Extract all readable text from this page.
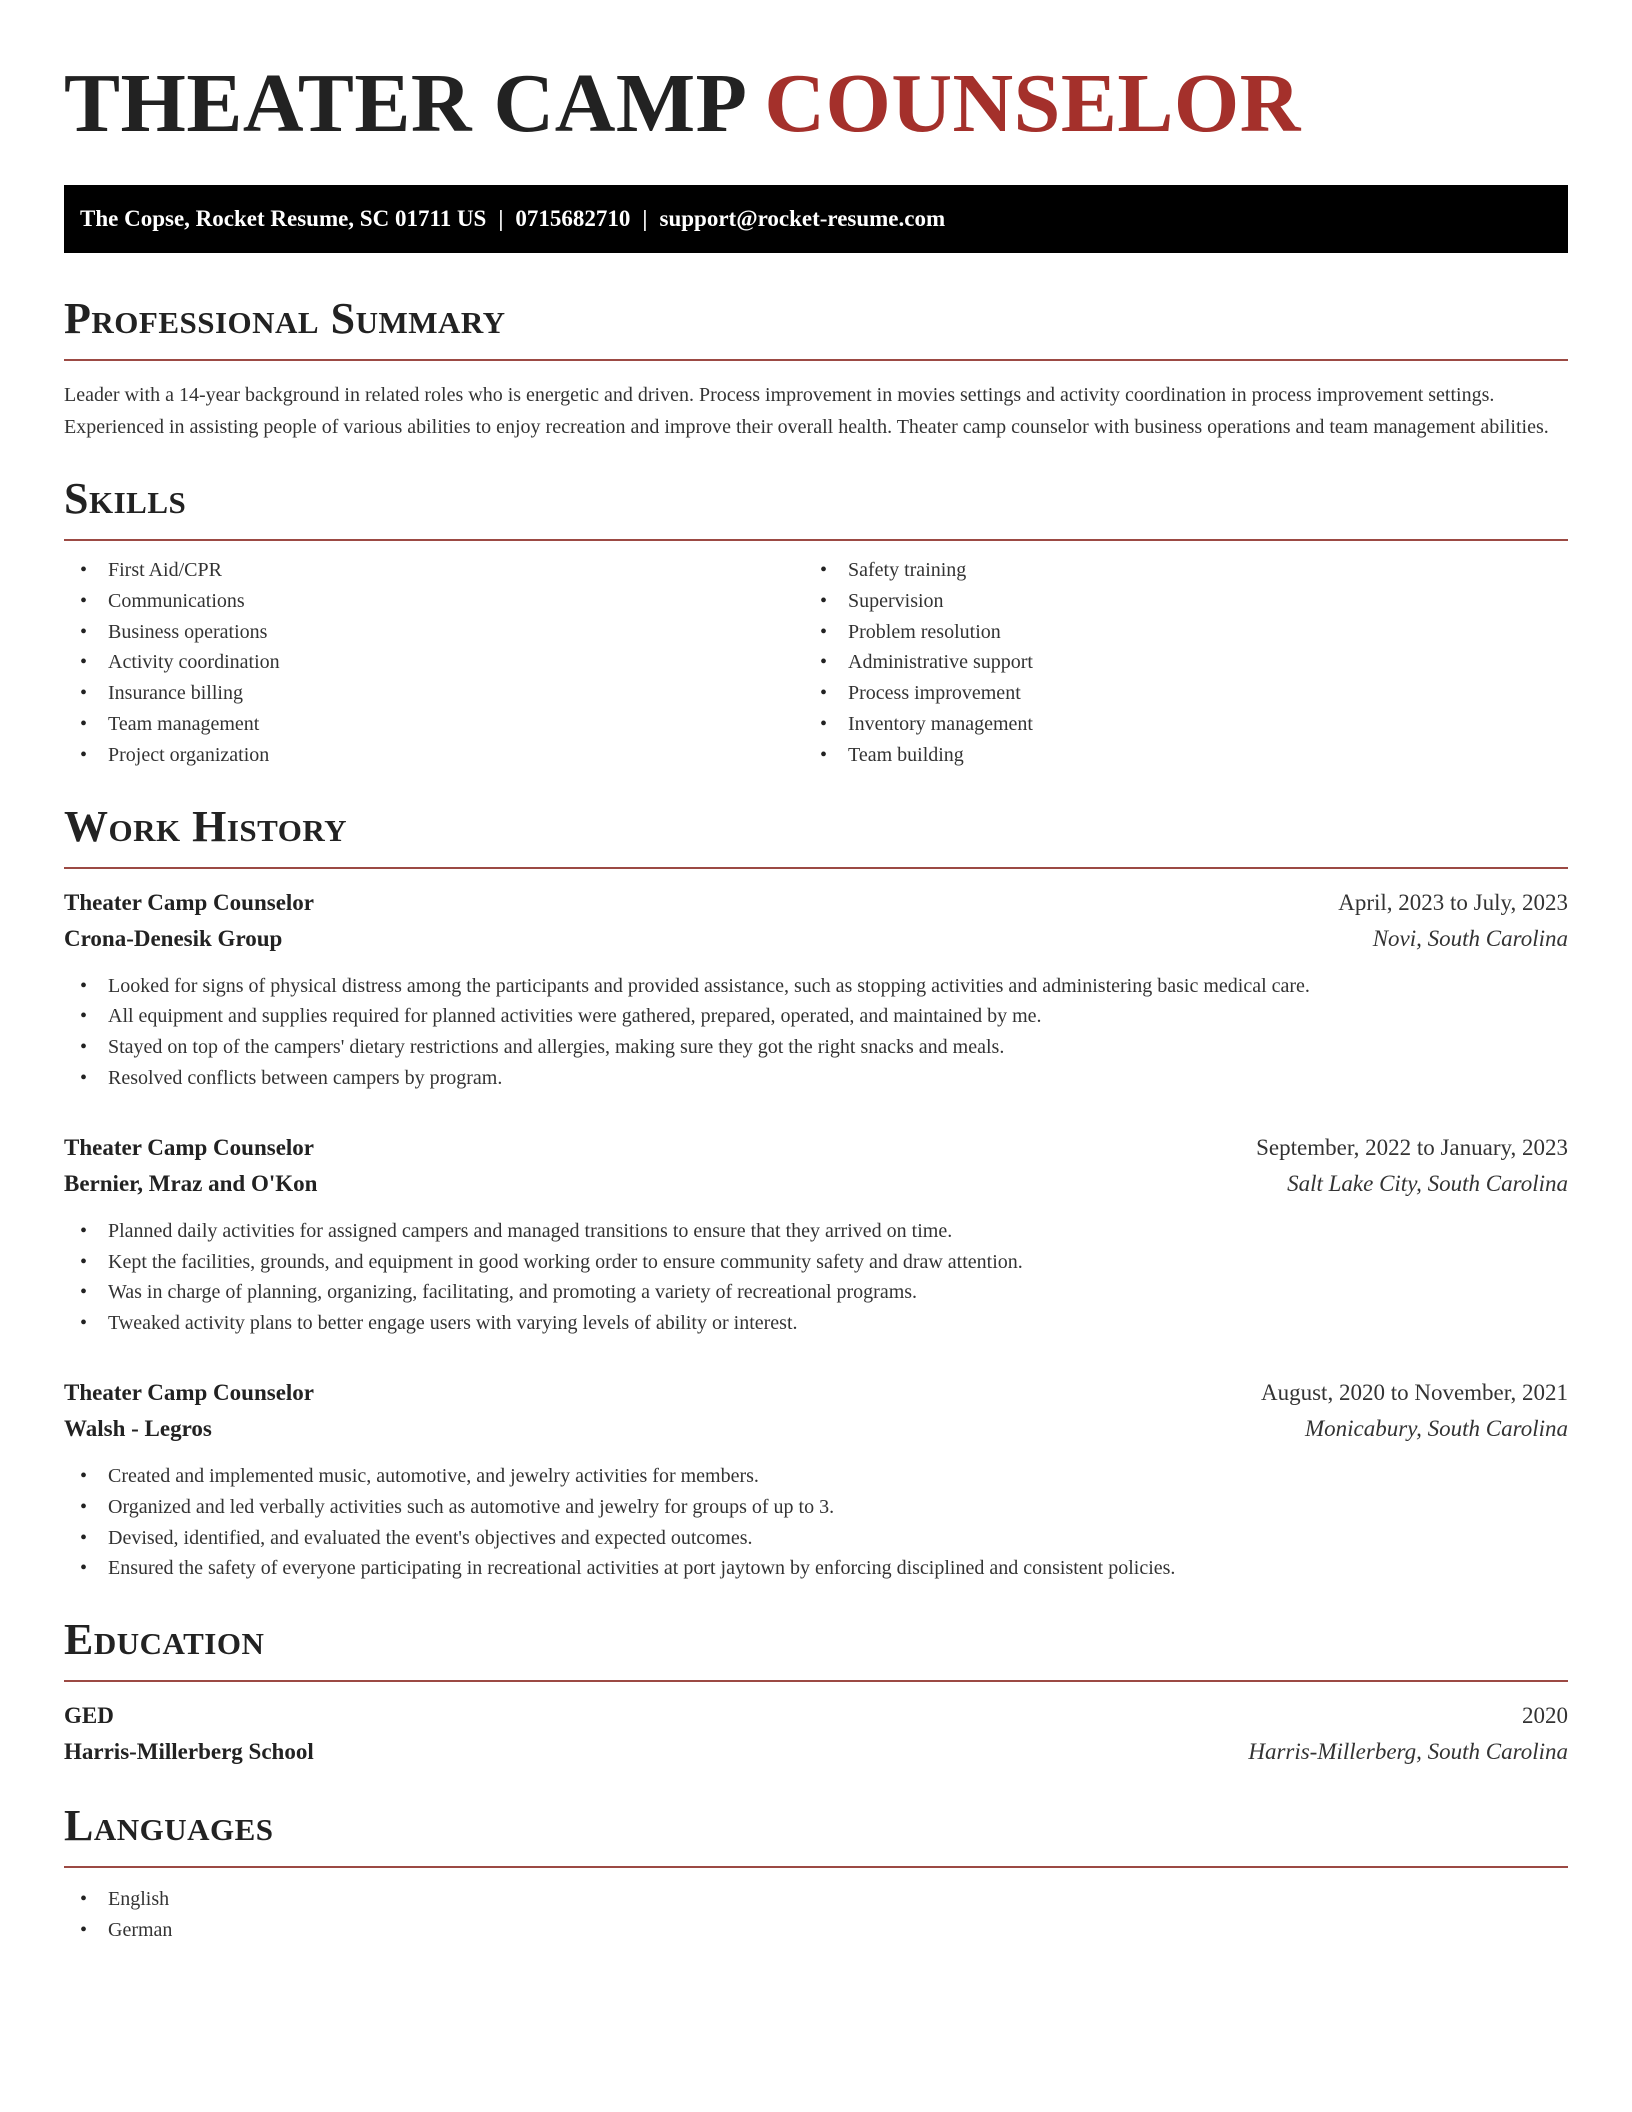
THEATER CAMP COUNSELOR
The Copse, Rocket Resume, SC 01711 US | 0715682710 | support@rocket-resume.com
Professional Summary
Leader with a 14-year background in related roles who is energetic and driven. Process improvement in movies settings and activity coordination in process improvement settings. Experienced in assisting people of various abilities to enjoy recreation and improve their overall health. Theater camp counselor with business operations and team management abilities.
Skills
• First Aid/CPR
• Communications
• Business operations
• Activity coordination
• Insurance billing
• Team management
• Project organization
• Safety training
• Supervision
• Problem resolution
• Administrative support
• Process improvement
• Inventory management
• Team building
Work History
Theater Camp Counselor	April, 2023 to July, 2023
Crona-Denesik Group	Novi, South Carolina
• Looked for signs of physical distress among the participants and provided assistance, such as stopping activities and administering basic medical care.
• All equipment and supplies required for planned activities were gathered, prepared, operated, and maintained by me.
• Stayed on top of the campers' dietary restrictions and allergies, making sure they got the right snacks and meals.
• Resolved conflicts between campers by program.
Theater Camp Counselor	September, 2022 to January, 2023
Bernier, Mraz and O'Kon	Salt Lake City, South Carolina
• Planned daily activities for assigned campers and managed transitions to ensure that they arrived on time.
• Kept the facilities, grounds, and equipment in good working order to ensure community safety and draw attention.
• Was in charge of planning, organizing, facilitating, and promoting a variety of recreational programs.
• Tweaked activity plans to better engage users with varying levels of ability or interest.
Theater Camp Counselor	August, 2020 to November, 2021
Walsh - Legros	Monicabury, South Carolina
• Created and implemented music, automotive, and jewelry activities for members.
• Organized and led verbally activities such as automotive and jewelry for groups of up to 3.
• Devised, identified, and evaluated the event's objectives and expected outcomes.
• Ensured the safety of everyone participating in recreational activities at port jaytown by enforcing disciplined and consistent policies.
Education
GED	2020
Harris-Millerberg School	Harris-Millerberg, South Carolina
Languages
• English
• German
